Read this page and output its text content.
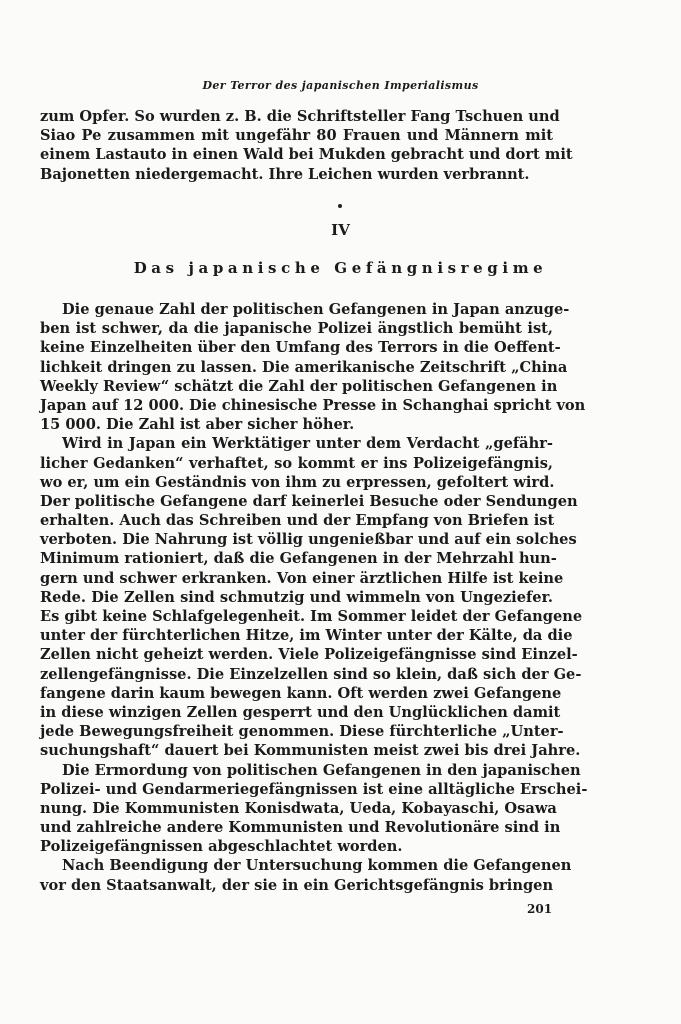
Der Terror des japanischen Imperialismus
zum Opfer. So wurden z. B. die Schriftsteller Fang Tschuen und
Siao Pe zusammen mit ungefähr 80 Frauen und Männern mit
einem Lastauto in einen Wald bei Mukden gebracht und dort mit
Bajonetten niedergemacht. Ihre Leichen wurden verbrannt.
IV
Das japanische Gefängnisregime
Die genaue Zahl der politischen Gefangenen in Japan anzuge-
ben ist schwer, da die japanische Polizei ängstlich bemüht ist,
keine Einzelheiten über den Umfang des Terrors in die Oeffent-
lichkeit dringen zu lassen. Die amerikanische Zeitschrift „China
Weekly Review“ schätzt die Zahl der politischen Gefangenen in
Japan auf 12 000. Die chinesische Presse in Schanghai spricht von
15 000. Die Zahl ist aber sicher höher.
Wird in Japan ein Werktätiger unter dem Verdacht „gefähr-
licher Gedanken“ verhaftet, so kommt er ins Polizeigefängnis,
wo er, um ein Geständnis von ihm zu erpressen, gefoltert wird.
Der politische Gefangene darf keinerlei Besuche oder Sendungen
erhalten. Auch das Schreiben und der Empfang von Briefen ist
verboten. Die Nahrung ist völlig ungenießbar und auf ein solches
Minimum rationiert, daß die Gefangenen in der Mehrzahl hun-
gern und schwer erkranken. Von einer ärztlichen Hilfe ist keine
Rede. Die Zellen sind schmutzig und wimmeln von Ungeziefer.
Es gibt keine Schlafgelegenheit. Im Sommer leidet der Gefangene
unter der fürchterlichen Hitze, im Winter unter der Kälte, da die
Zellen nicht geheizt werden. Viele Polizeigefängnisse sind Einzel-
zellengefängnisse. Die Einzelzellen sind so klein, daß sich der Ge-
fangene darin kaum bewegen kann. Oft werden zwei Gefangene
in diese winzigen Zellen gesperrt und den Unglücklichen damit
jede Bewegungsfreiheit genommen. Diese fürchterliche „Unter-
suchungshaft“ dauert bei Kommunisten meist zwei bis drei Jahre.
Die Ermordung von politischen Gefangenen in den japanischen
Polizei- und Gendarmeriegefängnissen ist eine alltägliche Erschei-
nung. Die Kommunisten Konisdwata, Ueda, Kobayaschi, Osawa
und zahlreiche andere Kommunisten und Revolutionäre sind in
Polizeigefängnissen abgeschlachtet worden.
Nach Beendigung der Untersuchung kommen die Gefangenen
vor den Staatsanwalt, der sie in ein Gerichtsgefängnis bringen
201
